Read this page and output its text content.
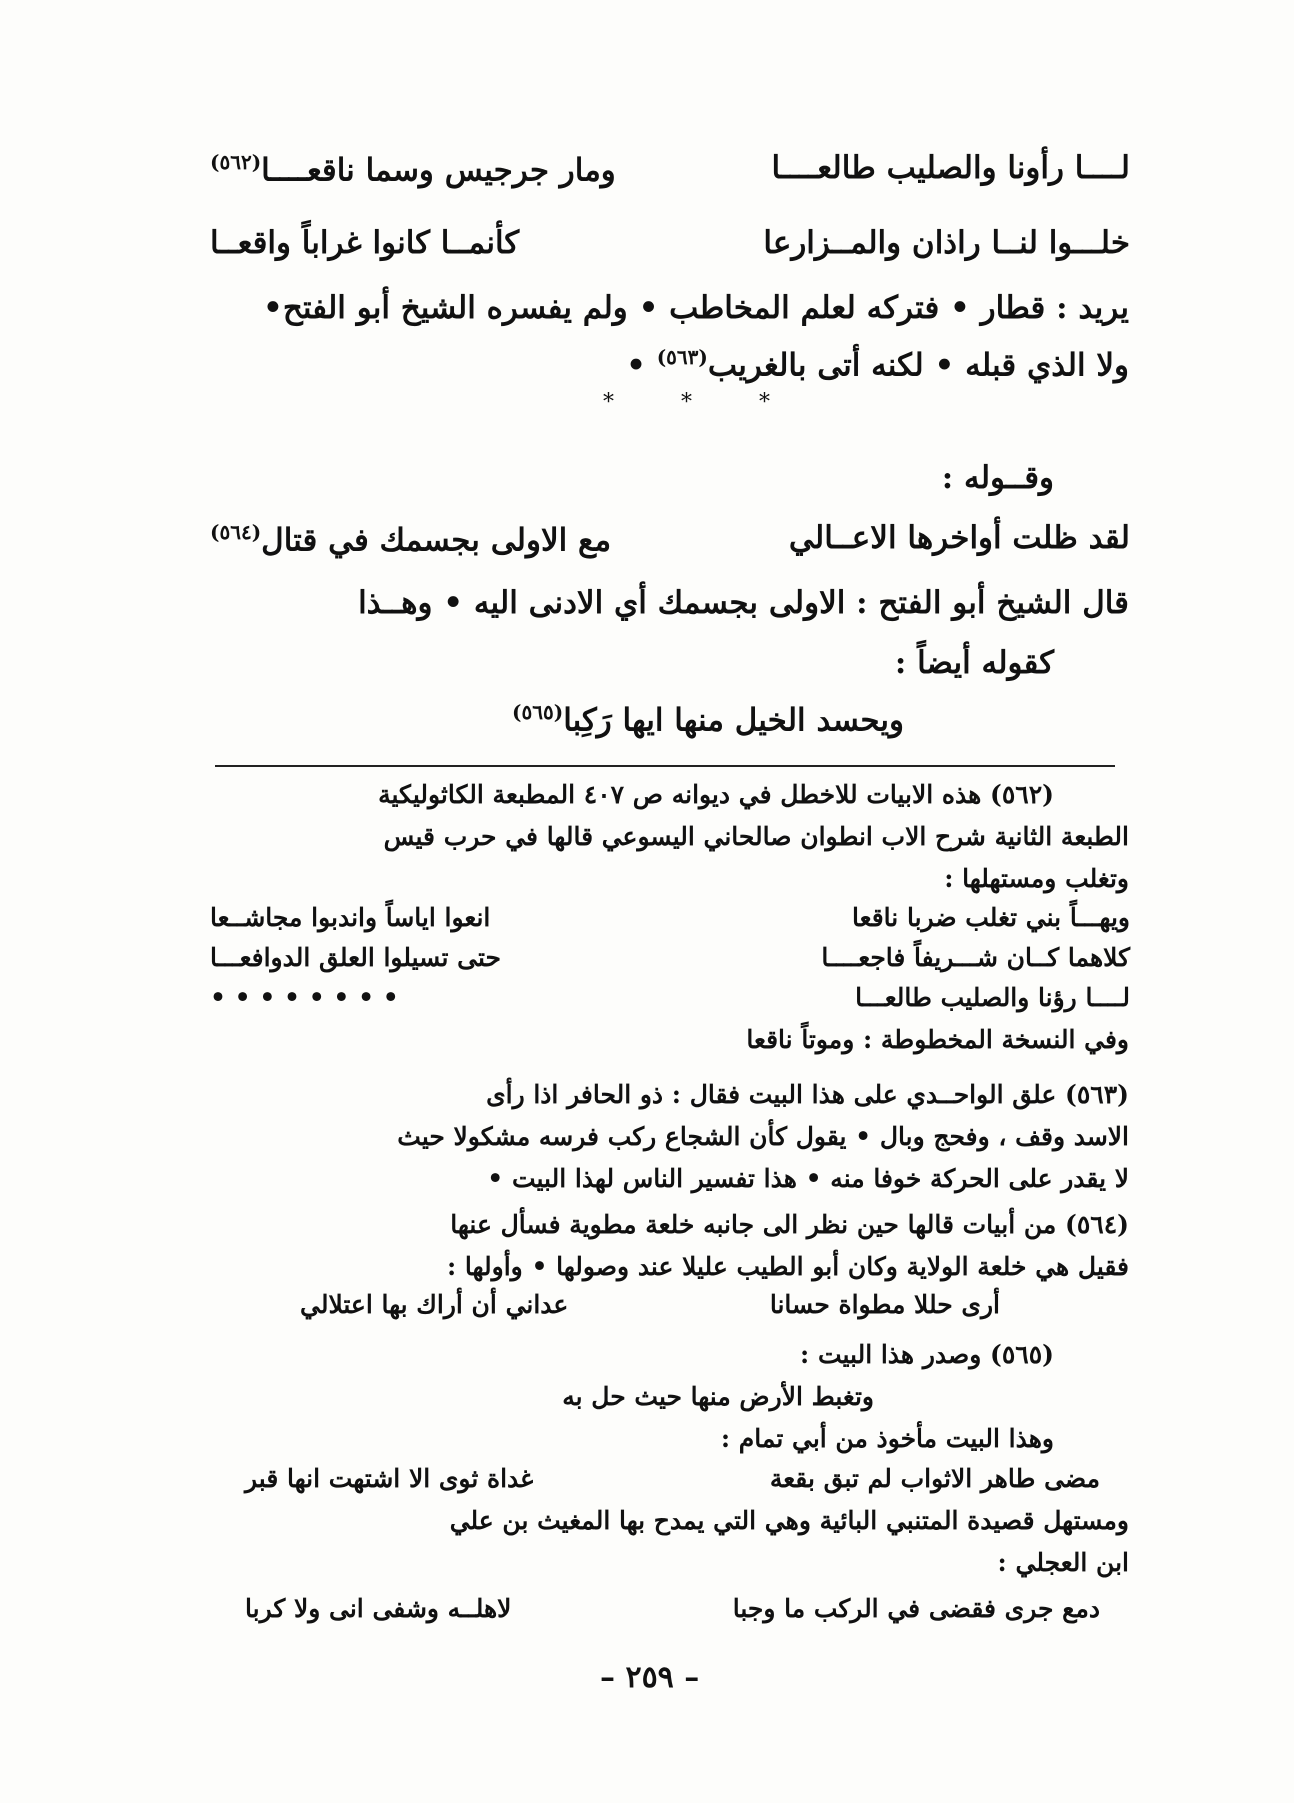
لــــا رأونا والصليب طالعــــا
ومار جرجيس وسما ناقعــــا$^{(٥٦٢)}$
خلـــوا لنــا راذان والمــزارعا
كأنمــا كانوا غراباً واقعــا
يريد : قطار • فتركه لعلم المخاطب • ولم يفسره الشيخ أبو الفتح•
ولا الذي قبله • لكنه أتى بالغريب$^{(٥٦٣)}$ •
* * *
وقــوله :
لقد ظلت أواخرها الاعــالي
مع الاولى بجسمك في قتال$^{(٥٦٤)}$
قال الشيخ أبو الفتح : الاولى بجسمك أي الادنى اليه • وهــذا
كقوله أيضاً :
ويحسد الخيل منها ايها رَكِبا$^{(٥٦٥)}$
(٥٦٢) هذه الابيات للاخطل في ديوانه ص ٤٠٧ المطبعة الكاثوليكية
الطبعة الثانية شرح الاب انطوان صالحاني اليسوعي قالها في حرب قيس
وتغلب ومستهلها :
ويهـــاً بني تغلب ضربا ناقعا
انعوا اياساً واندبوا مجاشــعا
كلاهما كــان شـــريفاً فاجعــــا
حتى تسيلوا العلق الدوافعـــا
لــــا رؤنا والصليب طالعـــا
• • • • • • • •
وفي النسخة المخطوطة : وموتاً ناقعا
(٥٦٣) علق الواحــدي على هذا البيت فقال : ذو الحافر اذا رأى
الاسد وقف ، وفحج وبال • يقول كأن الشجاع ركب فرسه مشكولا حيث
لا يقدر على الحركة خوفا منه • هذا تفسير الناس لهذا البيت •
(٥٦٤) من أبيات قالها حين نظر الى جانبه خلعة مطوية فسأل عنها
فقيل هي خلعة الولاية وكان أبو الطيب عليلا عند وصولها • وأولها :
أرى حللا مطواة حسانا
عداني أن أراك بها اعتلالي
(٥٦٥) وصدر هذا البيت :
وتغبط الأرض منها حيث حل به
وهذا البيت مأخوذ من أبي تمام :
مضى طاهر الاثواب لم تبق بقعة
غداة ثوى الا اشتهت انها قبر
ومستهل قصيدة المتنبي البائية وهي التي يمدح بها المغيث بن علي
ابن العجلي :
دمع جرى فقضى في الركب ما وجبا
لاهلــه وشفى انى ولا كربا
– ٢٥٩ –
